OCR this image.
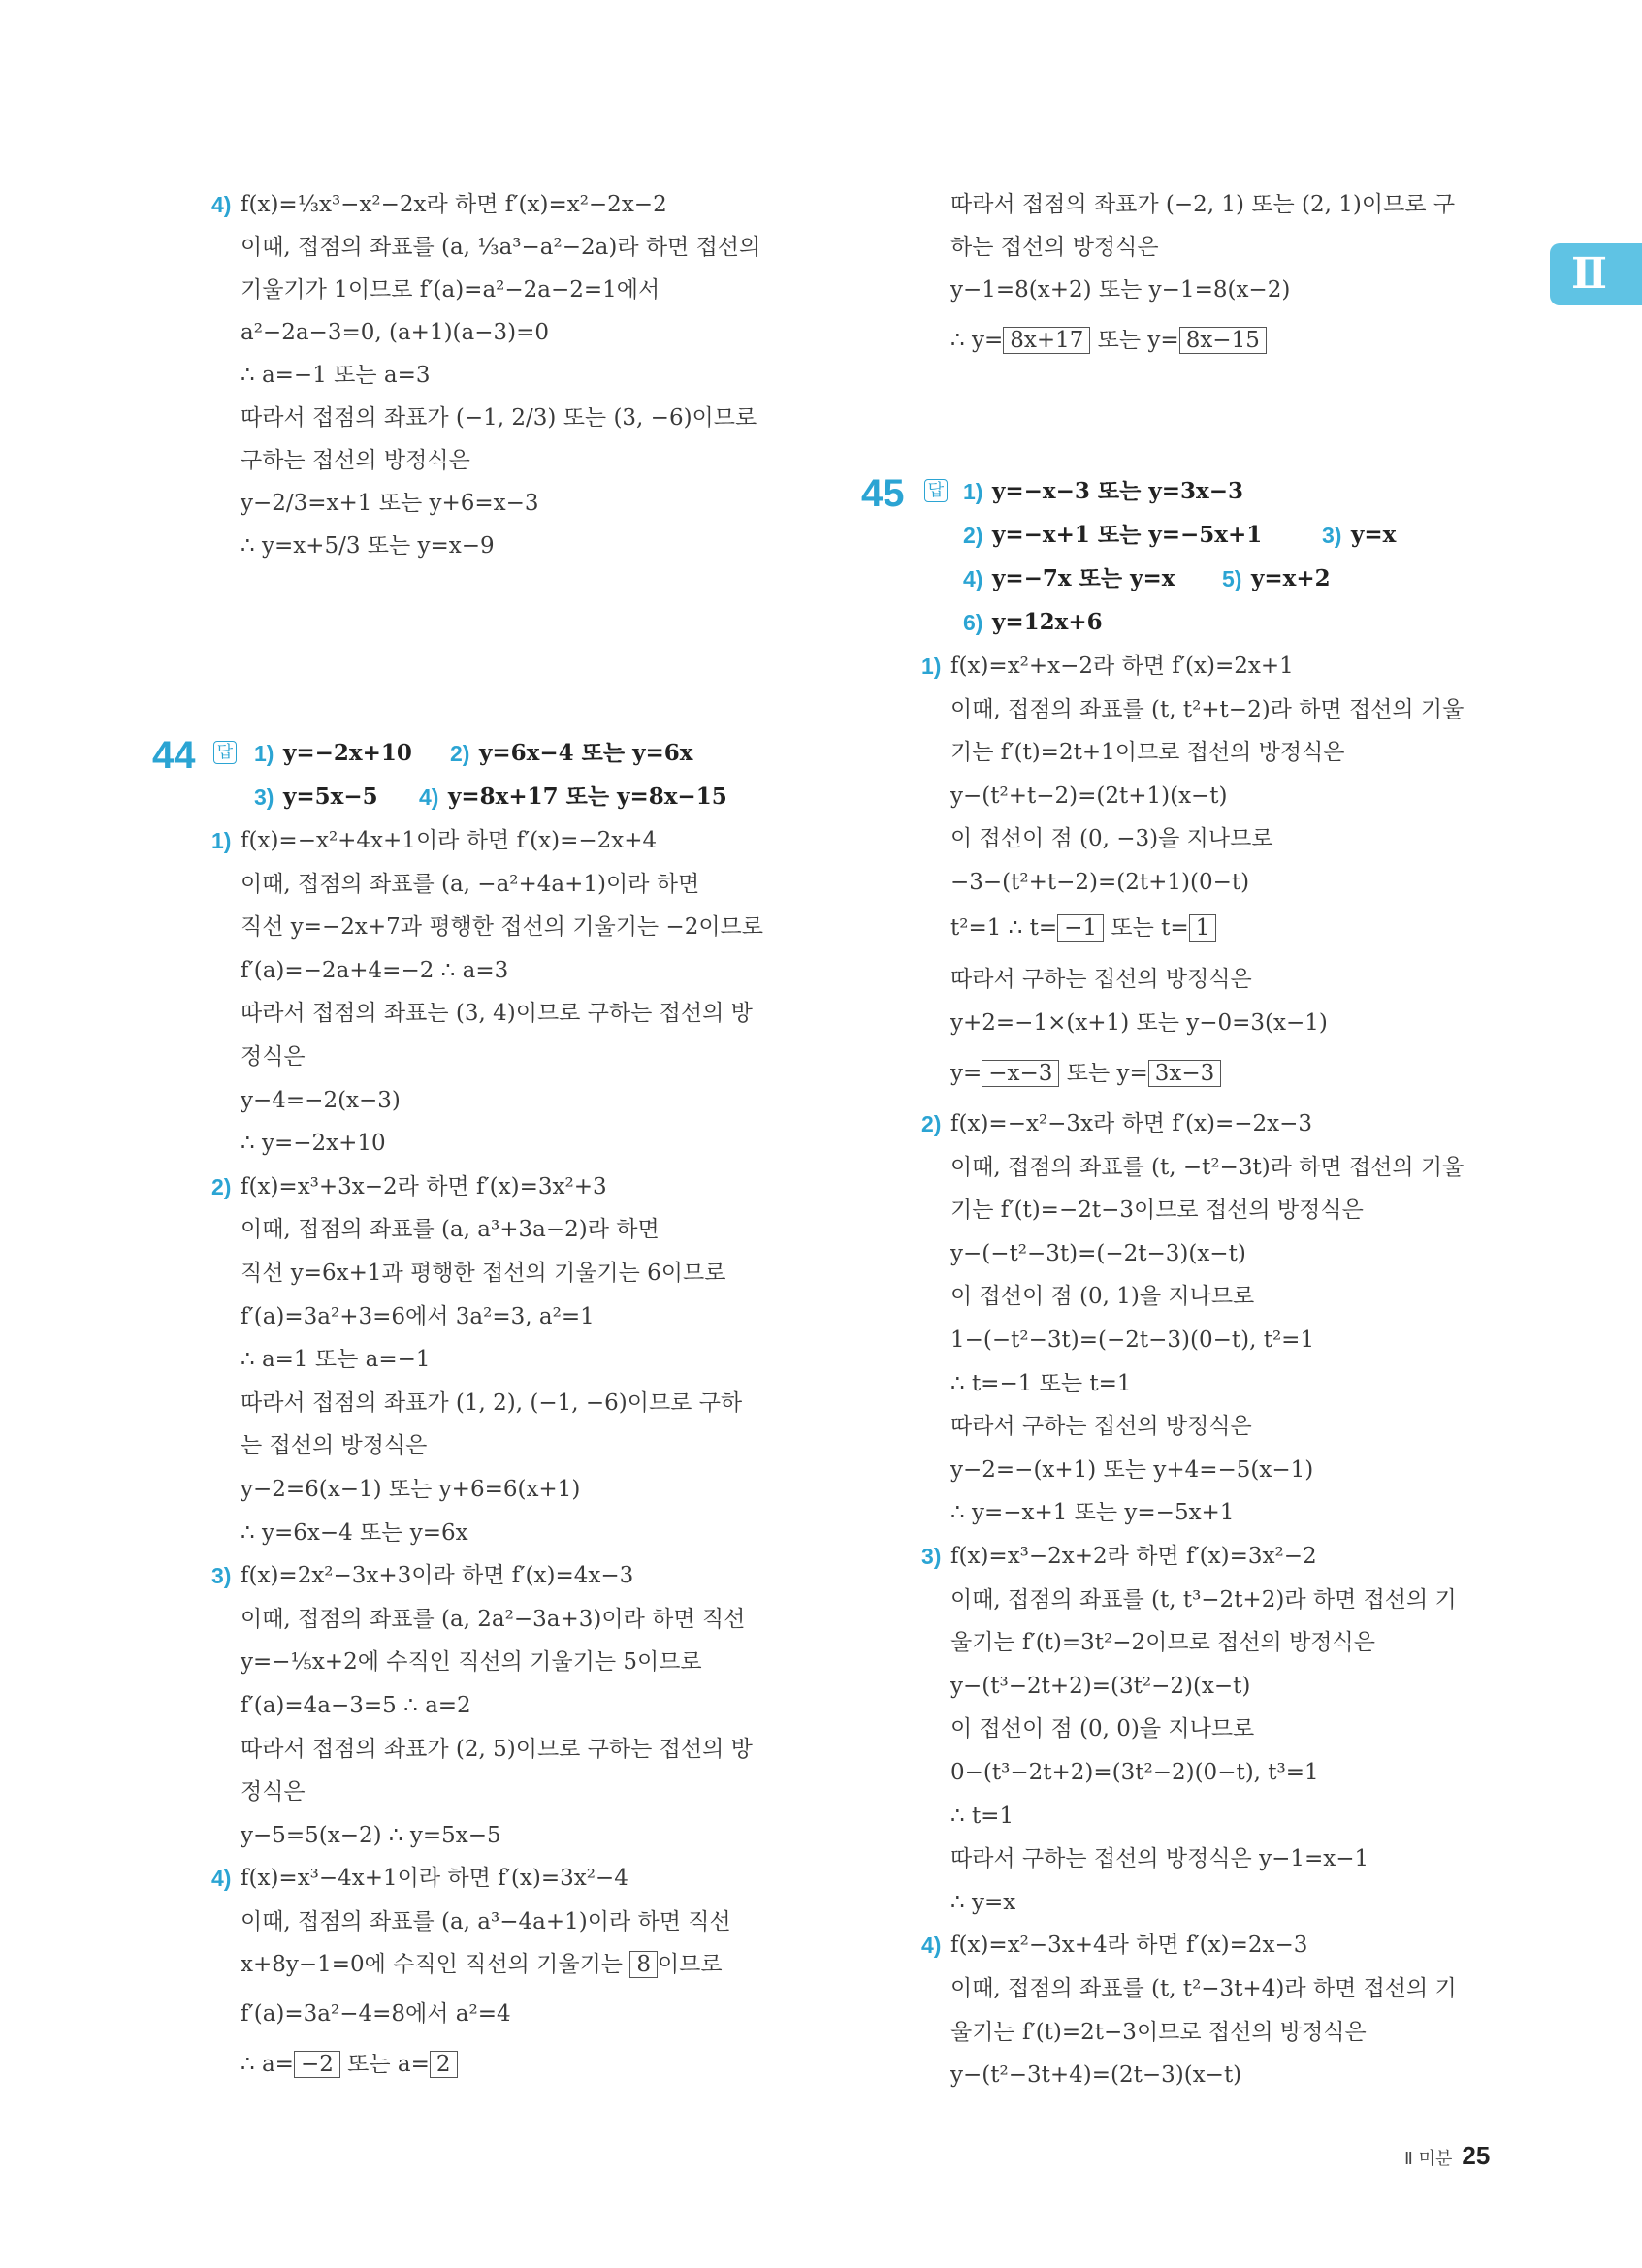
Ⅱ
4) f(x)=⅓x³−x²−2x라 하면 f′(x)=x²−2x−2
이때, 접점의 좌표를 (a, ⅓a³−a²−2a)라 하면 접선의
기울기가 1이므로 f′(a)=a²−2a−2=1에서
a²−2a−3=0, (a+1)(a−3)=0
∴ a=−1 또는 a=3
따라서 접점의 좌표가 (−1, 2/3) 또는 (3, −6)이므로
구하는 접선의 방정식은
y−2/3=x+1 또는 y+6=x−3
∴ y=x+5/3 또는 y=x−9
44 답 1) y=−2x+10 2) y=6x−4 또는 y=6x
3) y=5x−5 4) y=8x+17 또는 y=8x−15
1) f(x)=−x²+4x+1이라 하면 f′(x)=−2x+4
이때, 접점의 좌표를 (a, −a²+4a+1)이라 하면
직선 y=−2x+7과 평행한 접선의 기울기는 −2이므로
f′(a)=−2a+4=−2 ∴ a=3
따라서 접점의 좌표는 (3, 4)이므로 구하는 접선의 방
정식은
y−4=−2(x−3)
∴ y=−2x+10
2) f(x)=x³+3x−2라 하면 f′(x)=3x²+3
이때, 접점의 좌표를 (a, a³+3a−2)라 하면
직선 y=6x+1과 평행한 접선의 기울기는 6이므로
f′(a)=3a²+3=6에서 3a²=3, a²=1
∴ a=1 또는 a=−1
따라서 접점의 좌표가 (1, 2), (−1, −6)이므로 구하
는 접선의 방정식은
y−2=6(x−1) 또는 y+6=6(x+1)
∴ y=6x−4 또는 y=6x
3) f(x)=2x²−3x+3이라 하면 f′(x)=4x−3
이때, 접점의 좌표를 (a, 2a²−3a+3)이라 하면 직선
y=−⅕x+2에 수직인 직선의 기울기는 5이므로
f′(a)=4a−3=5 ∴ a=2
따라서 접점의 좌표가 (2, 5)이므로 구하는 접선의 방
정식은
y−5=5(x−2) ∴ y=5x−5
4) f(x)=x³−4x+1이라 하면 f′(x)=3x²−4
이때, 접점의 좌표를 (a, a³−4a+1)이라 하면 직선
x+8y−1=0에 수직인 직선의 기울기는 8 이므로
f′(a)=3a²−4=8에서 a²=4
∴ a= −2 또는 a= 2
따라서 접점의 좌표가 (−2, 1) 또는 (2, 1)이므로 구
하는 접선의 방정식은
y−1=8(x+2) 또는 y−1=8(x−2)
∴ y= 8x+17 또는 y= 8x−15
45 답 1) y=−x−3 또는 y=3x−3
2) y=−x+1 또는 y=−5x+1	3) y=x
4) y=−7x 또는 y=x 5) y=x+2
6) y=12x+6
1) f(x)=x²+x−2라 하면 f′(x)=2x+1
이때, 접점의 좌표를 (t, t²+t−2)라 하면 접선의 기울
기는 f′(t)=2t+1이므로 접선의 방정식은
y−(t²+t−2)=(2t+1)(x−t)
이 접선이 점 (0, −3)을 지나므로
−3−(t²+t−2)=(2t+1)(0−t)
t²=1 ∴ t= −1 또는 t= 1
따라서 구하는 접선의 방정식은
y+2=−1×(x+1) 또는 y−0=3(x−1)
y= −x−3 또는 y= 3x−3
2) f(x)=−x²−3x라 하면 f′(x)=−2x−3
이때, 접점의 좌표를 (t, −t²−3t)라 하면 접선의 기울
기는 f′(t)=−2t−3이므로 접선의 방정식은
y−(−t²−3t)=(−2t−3)(x−t)
이 접선이 점 (0, 1)을 지나므로
1−(−t²−3t)=(−2t−3)(0−t), t²=1
∴ t=−1 또는 t=1
따라서 구하는 접선의 방정식은
y−2=−(x+1) 또는 y+4=−5(x−1)
∴ y=−x+1 또는 y=−5x+1
3) f(x)=x³−2x+2라 하면 f′(x)=3x²−2
이때, 접점의 좌표를 (t, t³−2t+2)라 하면 접선의 기
울기는 f′(t)=3t²−2이므로 접선의 방정식은
y−(t³−2t+2)=(3t²−2)(x−t)
이 접선이 점 (0, 0)을 지나므로
0−(t³−2t+2)=(3t²−2)(0−t), t³=1
∴ t=1
따라서 구하는 접선의 방정식은 y−1=x−1
∴ y=x
4) f(x)=x²−3x+4라 하면 f′(x)=2x−3
이때, 접점의 좌표를 (t, t²−3t+4)라 하면 접선의 기
울기는 f′(t)=2t−3이므로 접선의 방정식은
y−(t²−3t+4)=(2t−3)(x−t)
Ⅱ 미분 25
